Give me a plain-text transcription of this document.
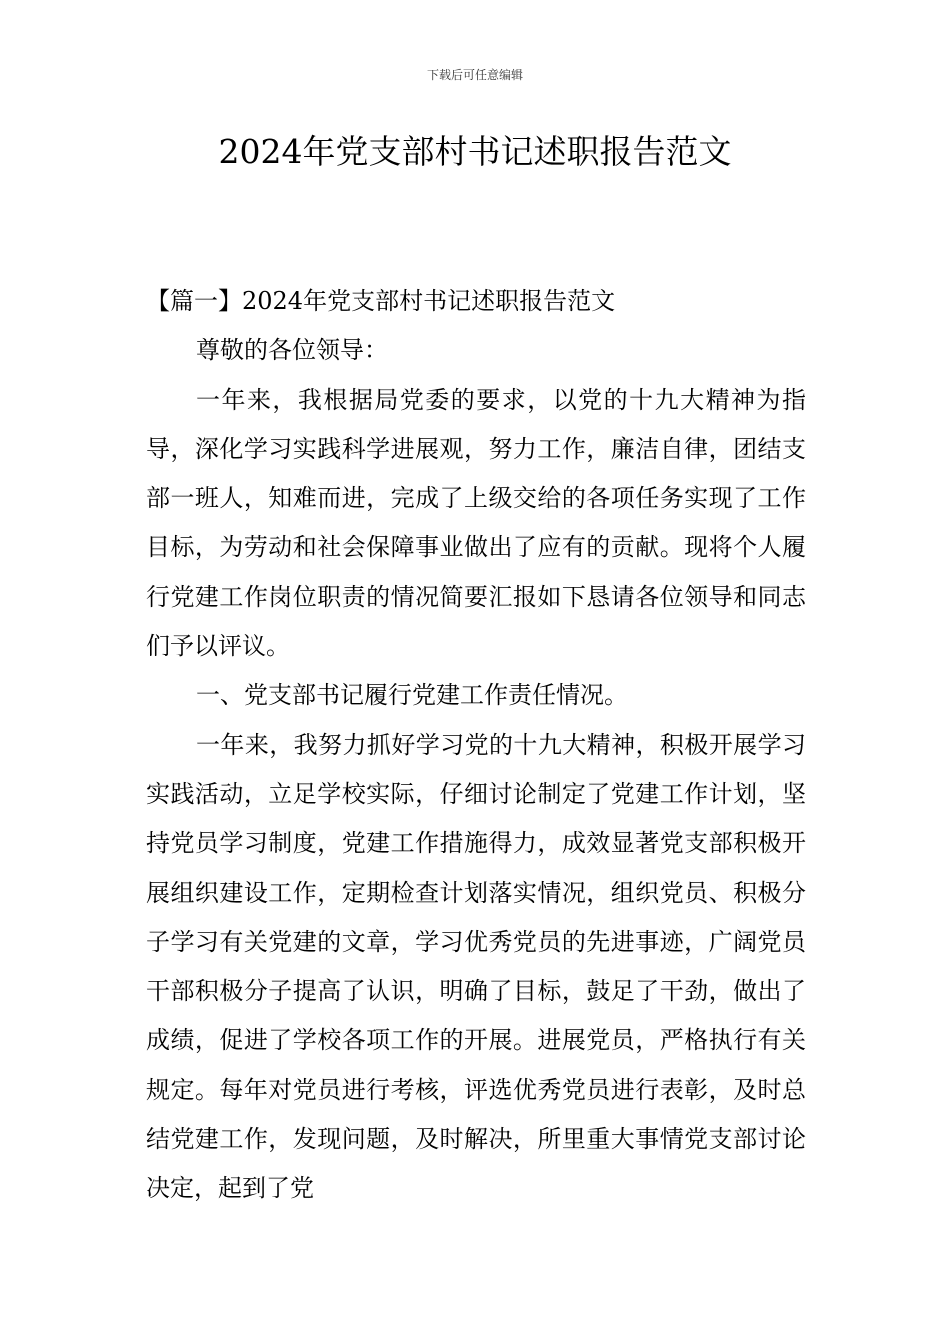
下载后可任意编辑
2024年党支部村书记述职报告范文

【篇一】2024年党支部村书记述职报告范文

尊敬的各位领导：

一年来，我根据局党委的要求，以党的十九大精神为指导，深化学习实践科学进展观，努力工作，廉洁自律，团结支部一班人，知难而进，完成了上级交给的各项任务实现了工作目标，为劳动和社会保障事业做出了应有的贡献。现将个人履行党建工作岗位职责的情况简要汇报如下恳请各位领导和同志们予以评议。

一、党支部书记履行党建工作责任情况。

一年来，我努力抓好学习党的十九大精神，积极开展学习实践活动，立足学校实际，仔细讨论制定了党建工作计划，坚持党员学习制度，党建工作措施得力，成效显著党支部积极开展组织建设工作，定期检查计划落实情况，组织党员、积极分子学习有关党建的文章，学习优秀党员的先进事迹，广阔党员干部积极分子提高了认识，明确了目标，鼓足了干劲，做出了成绩，促进了学校各项工作的开展。进展党员，严格执行有关规定。每年对党员进行考核，评选优秀党员进行表彰，及时总结党建工作，发现问题，及时解决，所里重大事情党支部讨论决定，起到了党
